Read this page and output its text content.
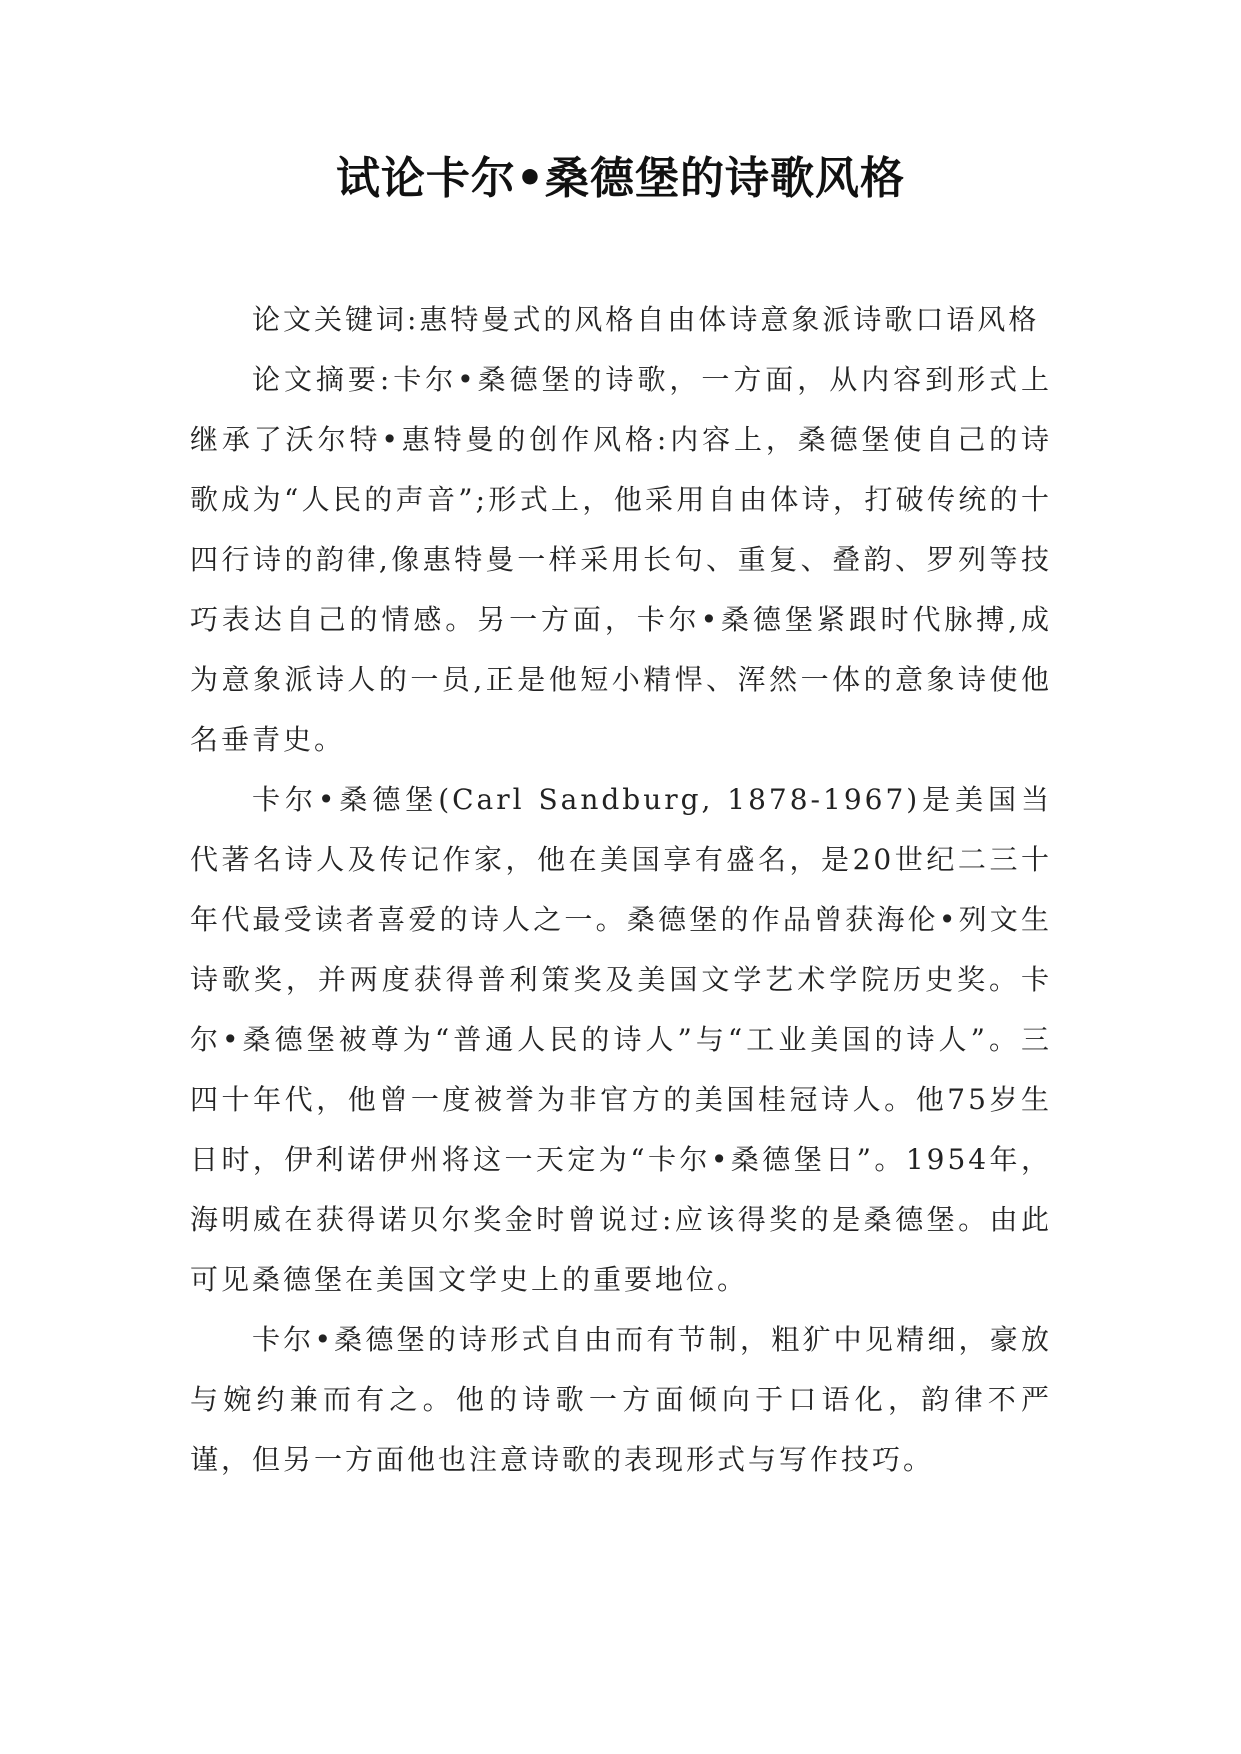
试论卡尔•桑德堡的诗歌风格

论文关键词:惠特曼式的风格自由体诗意象派诗歌口语风格

论文摘要:卡尔•桑德堡的诗歌，一方面，从内容到形式上继承了沃尔特•惠特曼的创作风格:内容上，桑德堡使自己的诗歌成为“人民的声音”;形式上，他采用自由体诗，打破传统的十四行诗的韵律,像惠特曼一样采用长句、重复、叠韵、罗列等技巧表达自己的情感。另一方面，卡尔•桑德堡紧跟时代脉搏,成为意象派诗人的一员,正是他短小精悍、浑然一体的意象诗使他名垂青史。

卡尔•桑德堡(Carl Sandburg, 1878-1967)是美国当代著名诗人及传记作家，他在美国享有盛名，是20世纪二三十年代最受读者喜爱的诗人之一。桑德堡的作品曾获海伦•列文生诗歌奖，并两度获得普利策奖及美国文学艺术学院历史奖。卡尔•桑德堡被尊为“普通人民的诗人”与“工业美国的诗人”。三四十年代，他曾一度被誉为非官方的美国桂冠诗人。他75岁生日时，伊利诺伊州将这一天定为“卡尔•桑德堡日”。1954年，海明威在获得诺贝尔奖金时曾说过:应该得奖的是桑德堡。由此可见桑德堡在美国文学史上的重要地位。

卡尔•桑德堡的诗形式自由而有节制，粗犷中见精细，豪放与婉约兼而有之。他的诗歌一方面倾向于口语化，韵律不严谨，但另一方面他也注意诗歌的表现形式与写作技巧。
